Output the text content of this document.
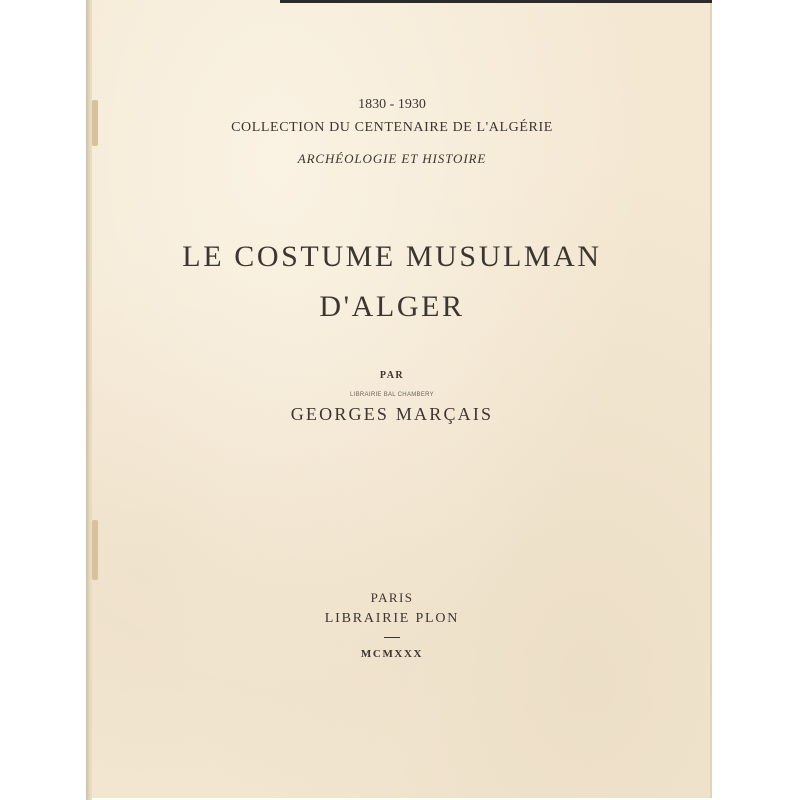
1830 - 1930
COLLECTION DU CENTENAIRE DE L'ALGÉRIE
ARCHÉOLOGIE ET HISTOIRE
LE COSTUME MUSULMAN
D'ALGER
PAR
LIBRAIRIE BAL CHAMBERY
GEORGES MARÇAIS
PARIS
LIBRAIRIE PLON
MCMXXX
